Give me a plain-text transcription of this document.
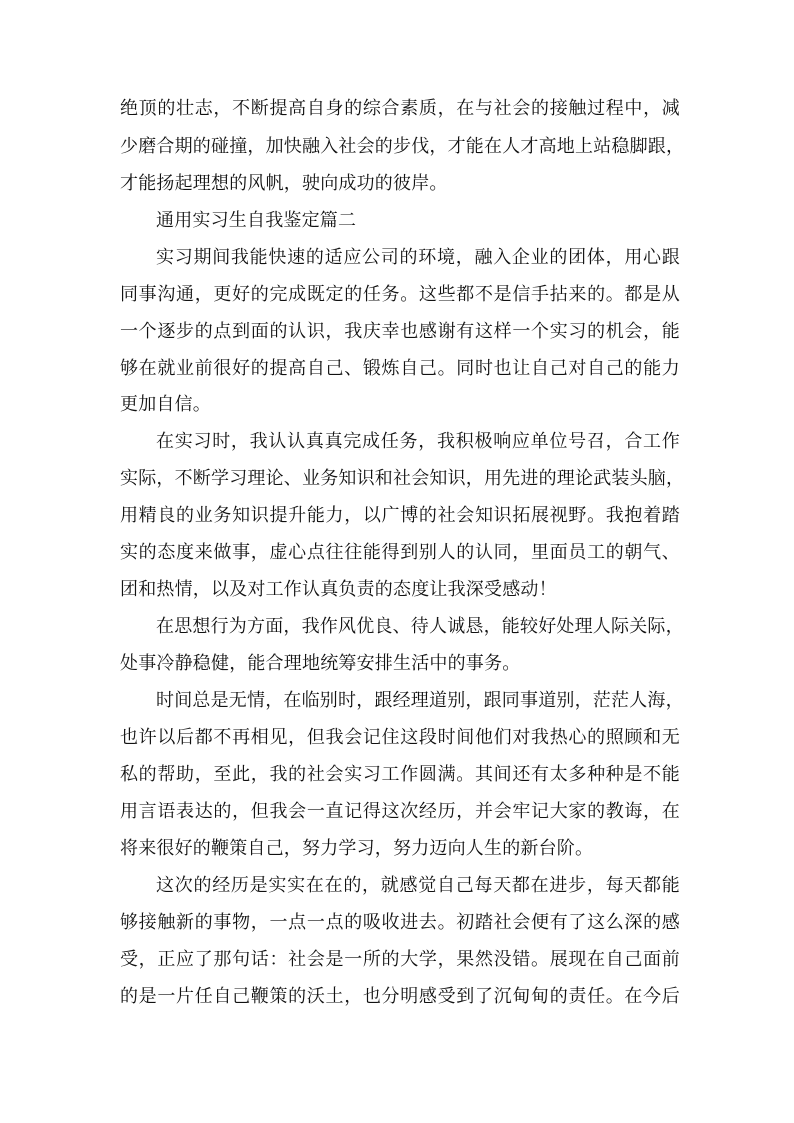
绝顶的壮志，不断提高自身的综合素质，在与社会的接触过程中，减
少磨合期的碰撞，加快融入社会的步伐，才能在人才高地上站稳脚跟，
才能扬起理想的风帆，驶向成功的彼岸。
通用实习生自我鉴定篇二
实习期间我能快速的适应公司的环境，融入企业的团体，用心跟
同事沟通，更好的完成既定的任务。这些都不是信手拈来的。都是从
一个逐步的点到面的认识，我庆幸也感谢有这样一个实习的机会，能
够在就业前很好的提高自己、锻炼自己。同时也让自己对自己的能力
更加自信。
在实习时，我认认真真完成任务，我积极响应单位号召，合工作
实际，不断学习理论、业务知识和社会知识，用先进的理论武装头脑，
用精良的业务知识提升能力，以广博的社会知识拓展视野。我抱着踏
实的态度来做事，虚心点往往能得到别人的认同，里面员工的朝气、
团和热情，以及对工作认真负责的态度让我深受感动！
在思想行为方面，我作风优良、待人诚恳，能较好处理人际关际，
处事冷静稳健，能合理地统筹安排生活中的事务。
时间总是无情，在临别时，跟经理道别，跟同事道别，茫茫人海，
也许以后都不再相见，但我会记住这段时间他们对我热心的照顾和无
私的帮助，至此，我的社会实习工作圆满。其间还有太多种种是不能
用言语表达的，但我会一直记得这次经历，并会牢记大家的教诲，在
将来很好的鞭策自己，努力学习，努力迈向人生的新台阶。
这次的经历是实实在在的，就感觉自己每天都在进步，每天都能
够接触新的事物，一点一点的吸收进去。初踏社会便有了这么深的感
受，正应了那句话：社会是一所的大学，果然没错。展现在自己面前
的是一片任自己鞭策的沃土，也分明感受到了沉甸甸的责任。在今后
